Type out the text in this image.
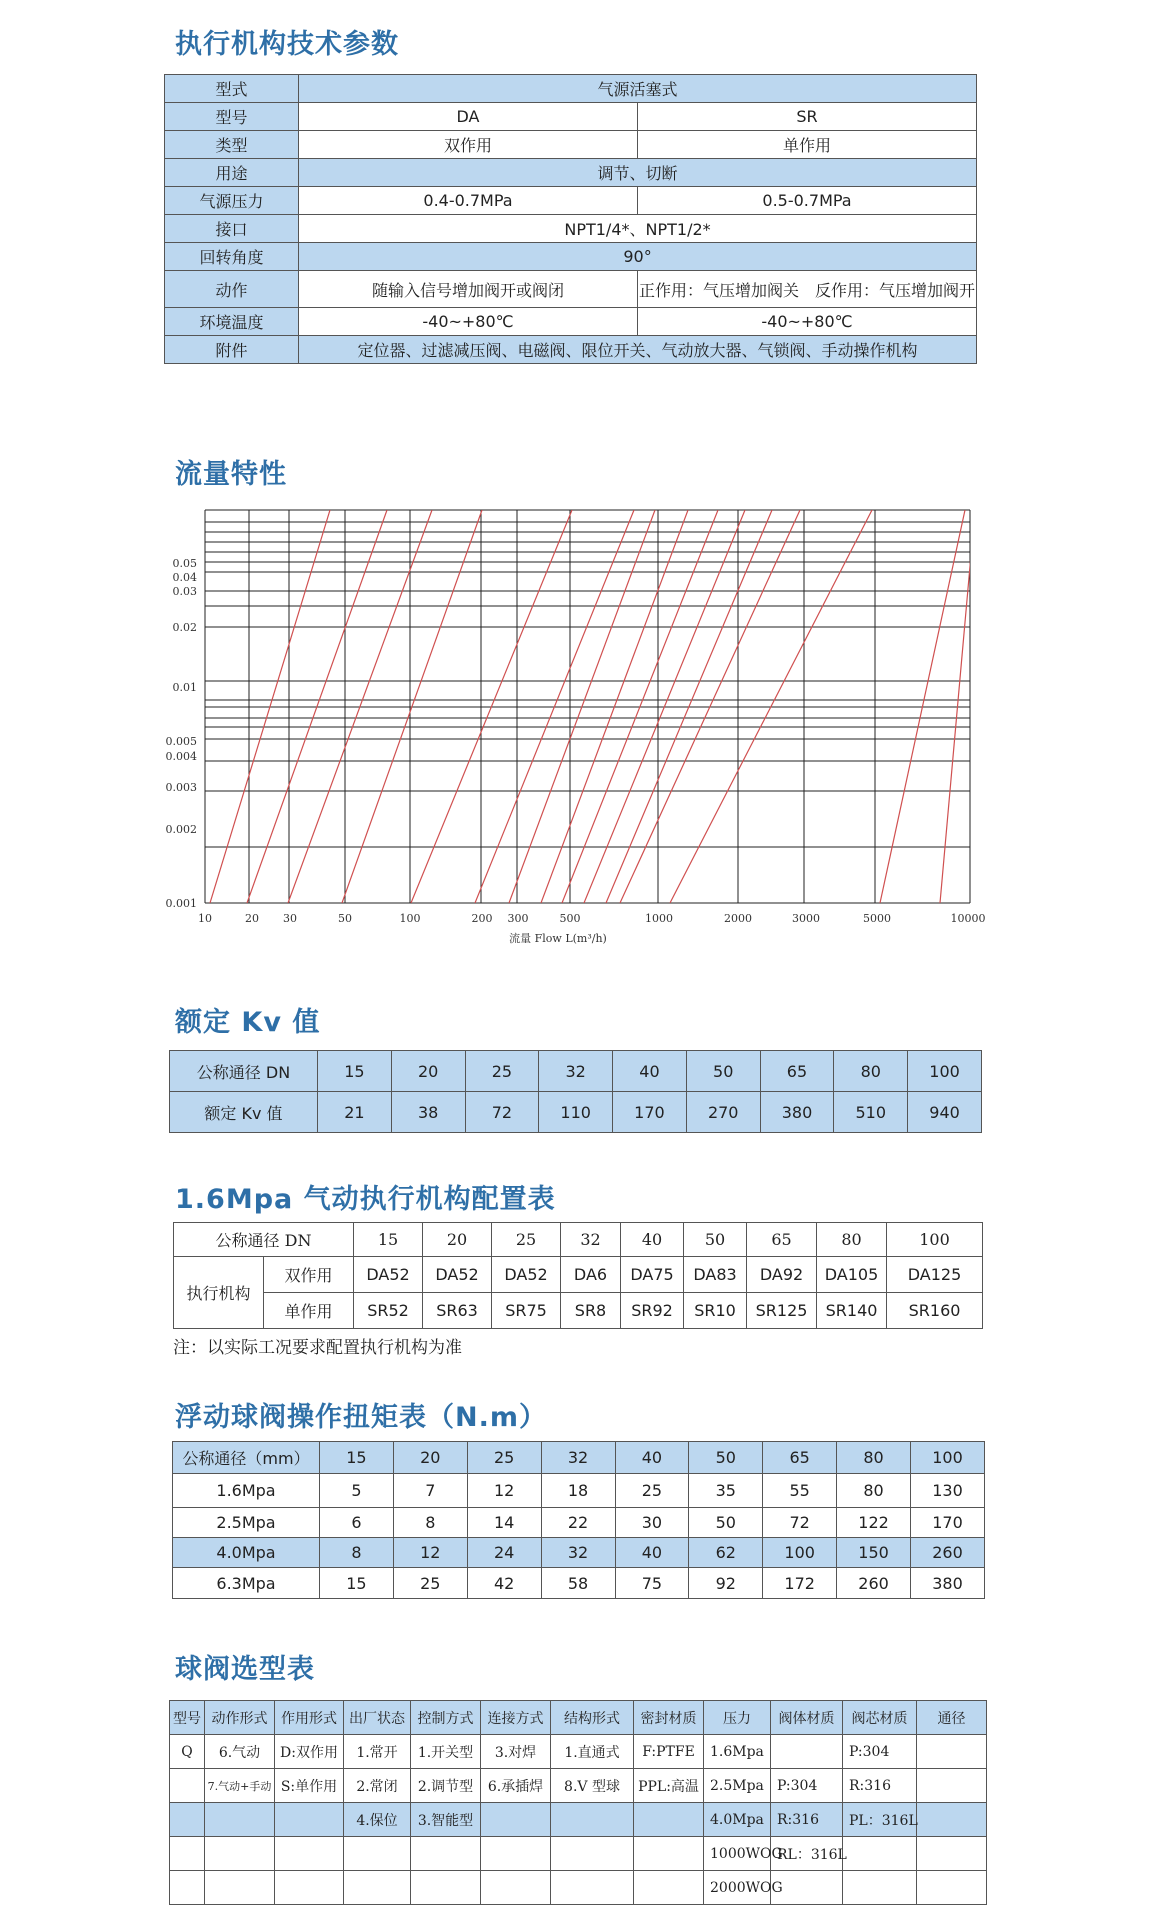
执行机构技术参数
流量特性
额定 Kv 值
1.6Mpa 气动执行机构配置表
浮动球阀操作扭矩表（N.m）
球阀选型表
型式	气源活塞式	
型号	DA	SR
类型	双作用	单作用
用途	调节、切断	
气源压力	0.4-0.7MPa	0.5-0.7MPa
接口	NPT1/4*、NPT1/2*	
回转角度	90°	
动作	随输入信号增加阀开或阀闭	正作用：气压增加阀关　反作用：气压增加阀开
环境温度	-40~+80℃	-40~+80℃
附件	定位器、过滤减压阀、电磁阀、限位开关、气动放大器、气锁阀、手动操作机构	
0.05
0.04
0.03
0.02
0.01
0.005
0.004
0.003
0.002
0.001
10	20 30	50	100	200 300	500	1000	2000	3000	5000	10000
流量 Flow L(m³/h)
公称通径 DN	15	20	25	32	40	50	65	80	100
额定 Kv 值	21	38	72	110	170	270	380	510	940
公称通径 DN		15	20	25	32	40	50	65	80	100
执行机构	双作用	DA52	DA52	DA52	DA6	DA75	DA83	DA92	DA105	DA125
	单作用	SR52	SR63	SR75	SR8	SR92	SR10	SR125	SR140	SR160
注：以实际工况要求配置执行机构为准
公称通径（mm）	15	20	25	32	40	50	65	80	100
1.6Mpa	5	7	12	18	25	35	55	80	130
2.5Mpa	6	8	14	22	30	50	72	122	170
4.0Mpa	8	12	24	32	40	62	100	150	260
6.3Mpa	15	25	42	58	75	92	172	260	380
型号	动作形式	作用形式	出厂状态	控制方式	连接方式	结构形式	密封材质	压力	阀体材质	阀芯材质	通径
Q	6.气动	D:双作用	1.常开	1.开关型	3.对焊	1.直通式	F:PTFE	1.6Mpa		P:304	
	7.气动+手动	S:单作用	2.常闭	2.调节型	6.承插焊	8.V 型球	PPL:高温	2.5Mpa	P:304	R:316	
			4.保位	3.智能型				4.0Mpa	R:316	PL：316L	
								1000WOG	RL：316L		
								2000WOG			
